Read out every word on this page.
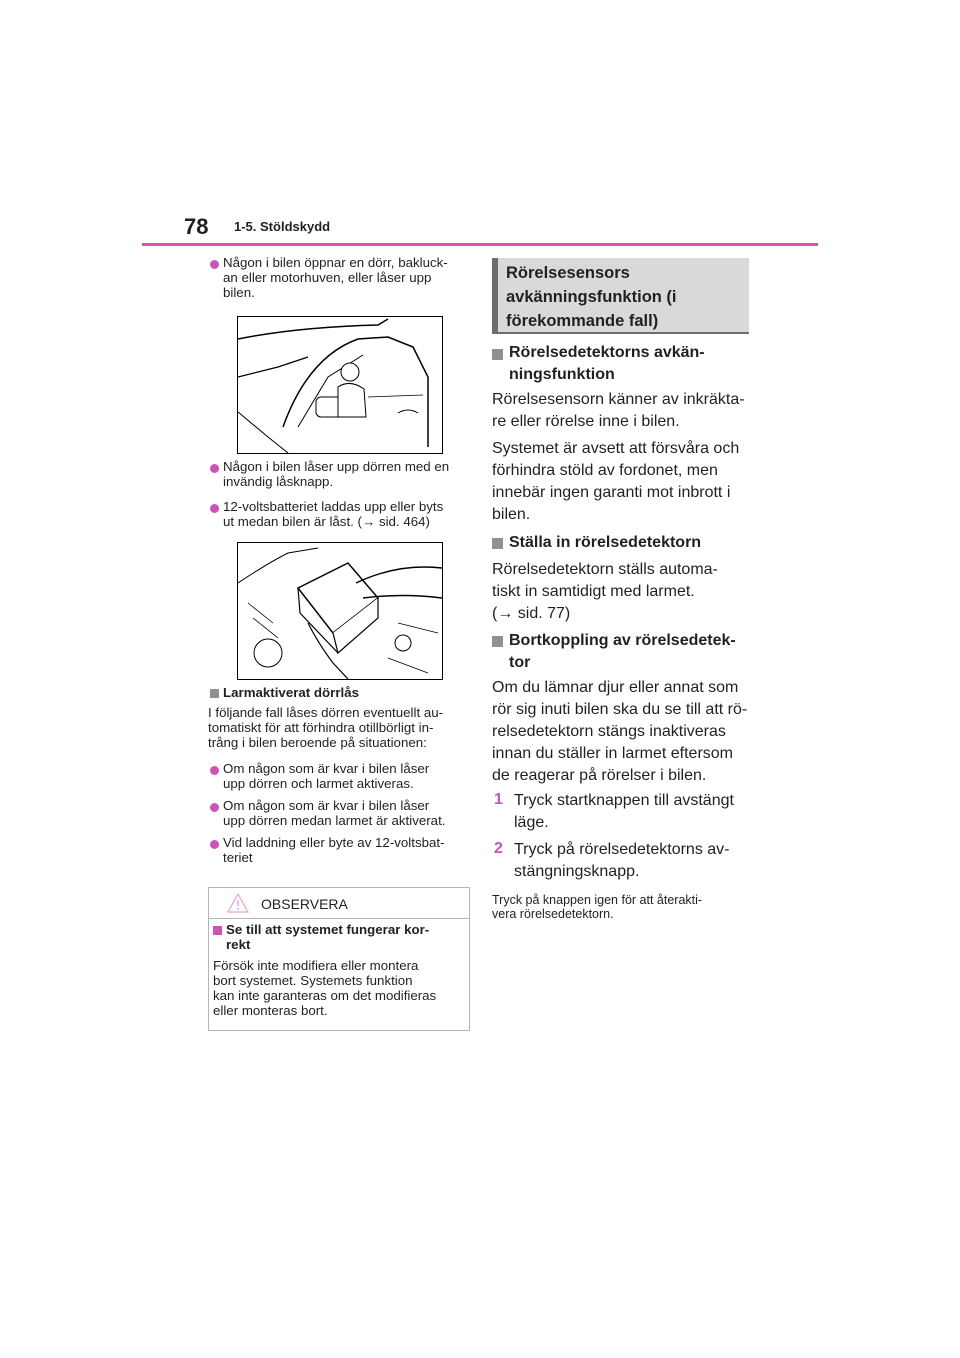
78 1-5. Stöldskydd
Någon i bilen öppnar en dörr, bakluck-
an eller motorhuven, eller låser upp
bilen.
Någon i bilen låser upp dörren med en
invändig låsknapp.
12-voltsbatteriet laddas upp eller byts
ut medan bilen är låst. (→ sid. 464)
Larmaktiverat dörrlås
I följande fall låses dörren eventuellt au-
tomatiskt för att förhindra otillbörligt in-
trång i bilen beroende på situationen:
Om någon som är kvar i bilen låser
upp dörren och larmet aktiveras.
Om någon som är kvar i bilen låser
upp dörren medan larmet är aktiverat.
Vid laddning eller byte av 12-voltsbat-
teriet
OBSERVERA
Se till att systemet fungerar kor-
rekt
Försök inte modifiera eller montera
bort systemet. Systemets funktion
kan inte garanteras om det modifieras
eller monteras bort.
Rörelsesensors
avkänningsfunktion (i
förekommande fall)
Rörelsedetektorns avkän-
ningsfunktion
Rörelsesensorn känner av inkräkta-
re eller rörelse inne i bilen.
Systemet är avsett att försvåra och
förhindra stöld av fordonet, men
innebär ingen garanti mot inbrott i
bilen.
Ställa in rörelsedetektorn
Rörelsedetektorn ställs automa-
tiskt in samtidigt med larmet.
(→ sid. 77)
Bortkoppling av rörelsedetek-
tor
Om du lämnar djur eller annat som
rör sig inuti bilen ska du se till att rö-
relsedetektorn stängs inaktiveras
innan du ställer in larmet eftersom
de reagerar på rörelser i bilen.
1 Tryck startknappen till avstängt
läge.
2 Tryck på rörelsedetektorns av-
stängningsknapp.
Tryck på knappen igen för att återakti-
vera rörelsedetektorn.
